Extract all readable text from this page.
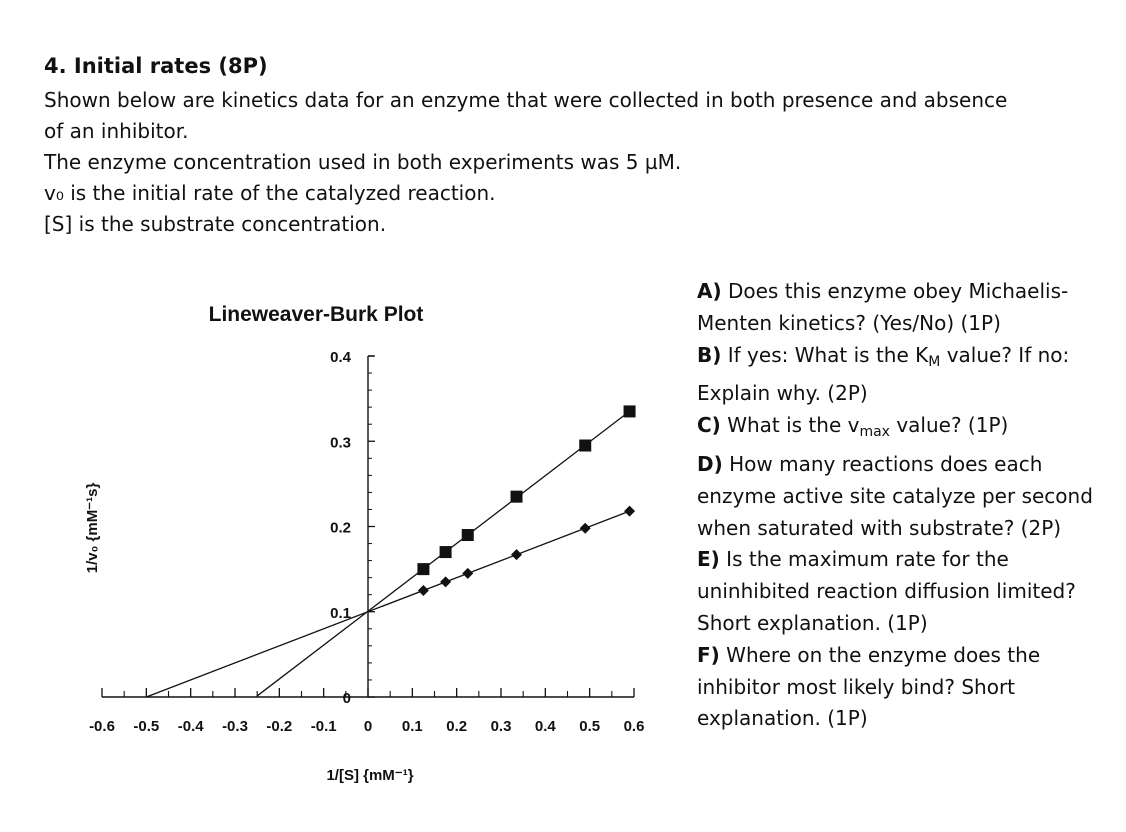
4. Initial rates (8P)

Shown below are kinetics data for an enzyme that were collected in both presence and absence

of an inhibitor.

The enzyme concentration used in both experiments was 5 µM.

v₀ is the initial rate of the catalyzed reaction.

[S] is the substrate concentration.

Lineweaver-Burk Plot
1/[S] {mM⁻¹}
1/v₀ {mM⁻¹s}
-0.6 -0.5 -0.4 -0.3 -0.2 -0.1 0 0.1 0.2 0.3 0.4 0.5 0.6
0
0.1
0.2
0.3
0.4

A) Does this enzyme obey Michaelis-Menten kinetics? (Yes/No) (1P)

B) If yes: What is the $K_M$ value? If no: Explain why. (2P)

C) What is the $v_{max}$ value? (1P)

D) How many reactions does each enzyme active site catalyze per second when saturated with substrate? (2P)

E) Is the maximum rate for the uninhibited reaction diffusion limited? Short explanation. (1P)

F) Where on the enzyme does the inhibitor most likely bind? Short explanation. (1P)
